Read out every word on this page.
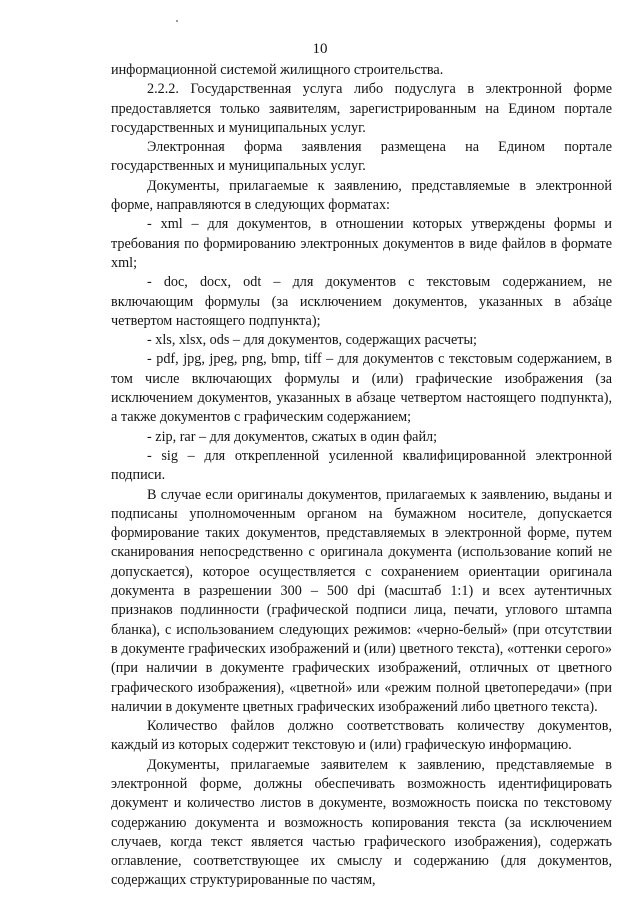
10

информационной системой жилищного строительства.

2.2.2. Государственная услуга либо подуслуга в электронной форме предоставляется только заявителям, зарегистрированным на Едином портале государственных и муниципальных услуг.

Электронная форма заявления размещена на Едином портале государственных и муниципальных услуг.

Документы, прилагаемые к заявлению, представляемые в электронной форме, направляются в следующих форматах:

- xml – для документов, в отношении которых утверждены формы и требования по формированию электронных документов в виде файлов в формате xml;

- doc, docx, odt – для документов с текстовым содержанием, не включающим формулы (за исключением документов, указанных в абзаце четвертом настоящего подпункта);

- xls, xlsx, ods – для документов, содержащих расчеты;

- pdf, jpg, jpeg, png, bmp, tiff – для документов с текстовым содержанием, в том числе включающих формулы и (или) графические изображения (за исключением документов, указанных в абзаце четвертом настоящего подпункта), а также документов с графическим содержанием;

- zip, rar – для документов, сжатых в один файл;

- sig – для открепленной усиленной квалифицированной электронной подписи.

В случае если оригиналы документов, прилагаемых к заявлению, выданы и подписаны уполномоченным органом на бумажном носителе, допускается формирование таких документов, представляемых в электронной форме, путем сканирования непосредственно с оригинала документа (использование копий не допускается), которое осуществляется с сохранением ориентации оригинала документа в разрешении 300 – 500 dpi (масштаб 1:1) и всех аутентичных признаков подлинности (графической подписи лица, печати, углового штампа бланка), с использованием следующих режимов: «черно-белый» (при отсутствии в документе графических изображений и (или) цветного текста), «оттенки серого» (при наличии в документе графических изображений, отличных от цветного графического изображения), «цветной» или «режим полной цветопередачи» (при наличии в документе цветных графических изображений либо цветного текста).

Количество файлов должно соответствовать количеству документов, каждый из которых содержит текстовую и (или) графическую информацию.

Документы, прилагаемые заявителем к заявлению, представляемые в электронной форме, должны обеспечивать возможность идентифицировать документ и количество листов в документе, возможность поиска по текстовому содержанию документа и возможность копирования текста (за исключением случаев, когда текст является частью графического изображения), содержать оглавление, соответствующее их смыслу и содержанию (для документов, содержащих структурированные по частям,
